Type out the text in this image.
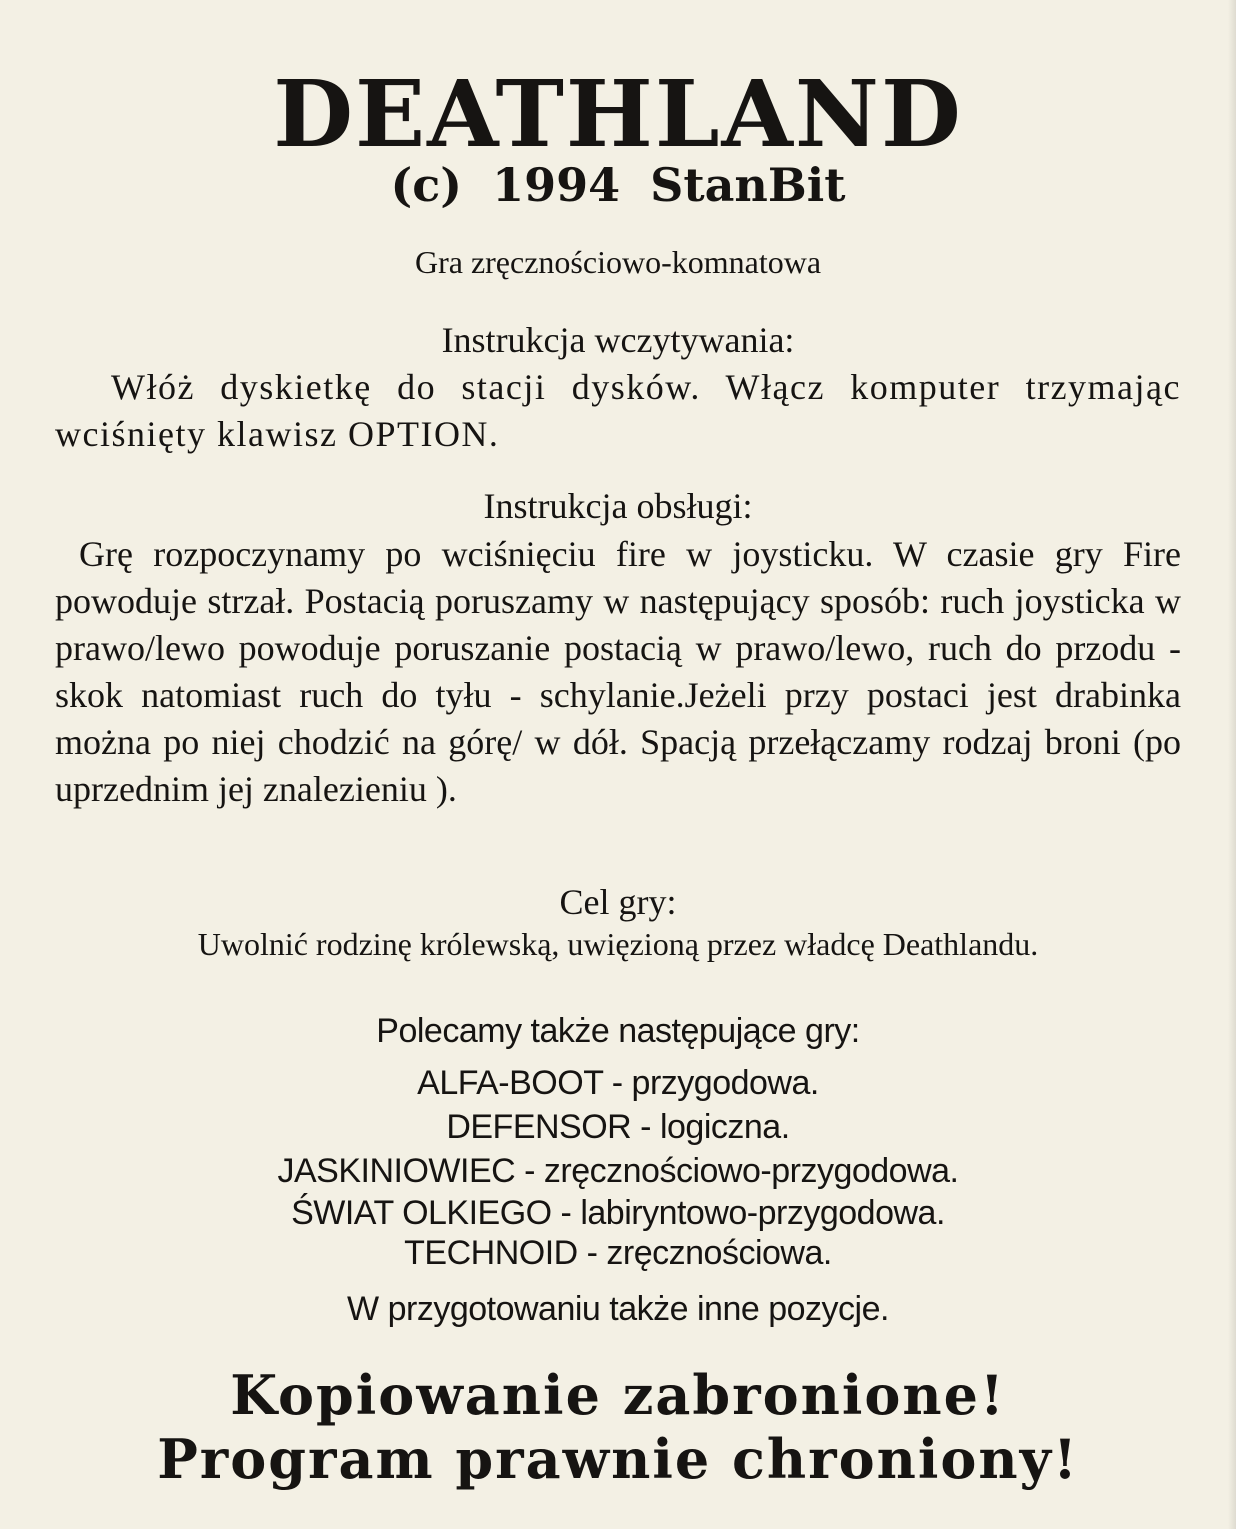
DEATHLAND
(c) 1994 StanBit
Gra zręcznościowo-komnatowa
Instrukcja wczytywania:
Włóż dyskietkę do stacji dysków. Włącz komputer trzymając wciśnięty klawisz OPTION.
Instrukcja obsługi:
Grę rozpoczynamy po wciśnięciu fire w joysticku. W czasie gry Fire powoduje strzał. Postacią poruszamy w następujący sposób: ruch joysticka w prawo/lewo powoduje poruszanie postacią w prawo/lewo, ruch do przodu - skok natomiast ruch do tyłu - schylanie.Jeżeli przy postaci jest drabinka można po niej chodzić na górę/ w dół. Spacją przełączamy rodzaj broni (po uprzednim jej znalezieniu ).
Cel gry:
Uwolnić rodzinę królewską, uwięzioną przez władcę Deathlandu.
Polecamy także następujące gry:
ALFA-BOOT - przygodowa.
DEFENSOR - logiczna.
JASKINIOWIEC - zręcznościowo-przygodowa.
ŚWIAT OLKIEGO - labiryntowo-przygodowa.
TECHNOID - zręcznościowa.
W przygotowaniu także inne pozycje.
Kopiowanie zabronione!
Program prawnie chroniony!
